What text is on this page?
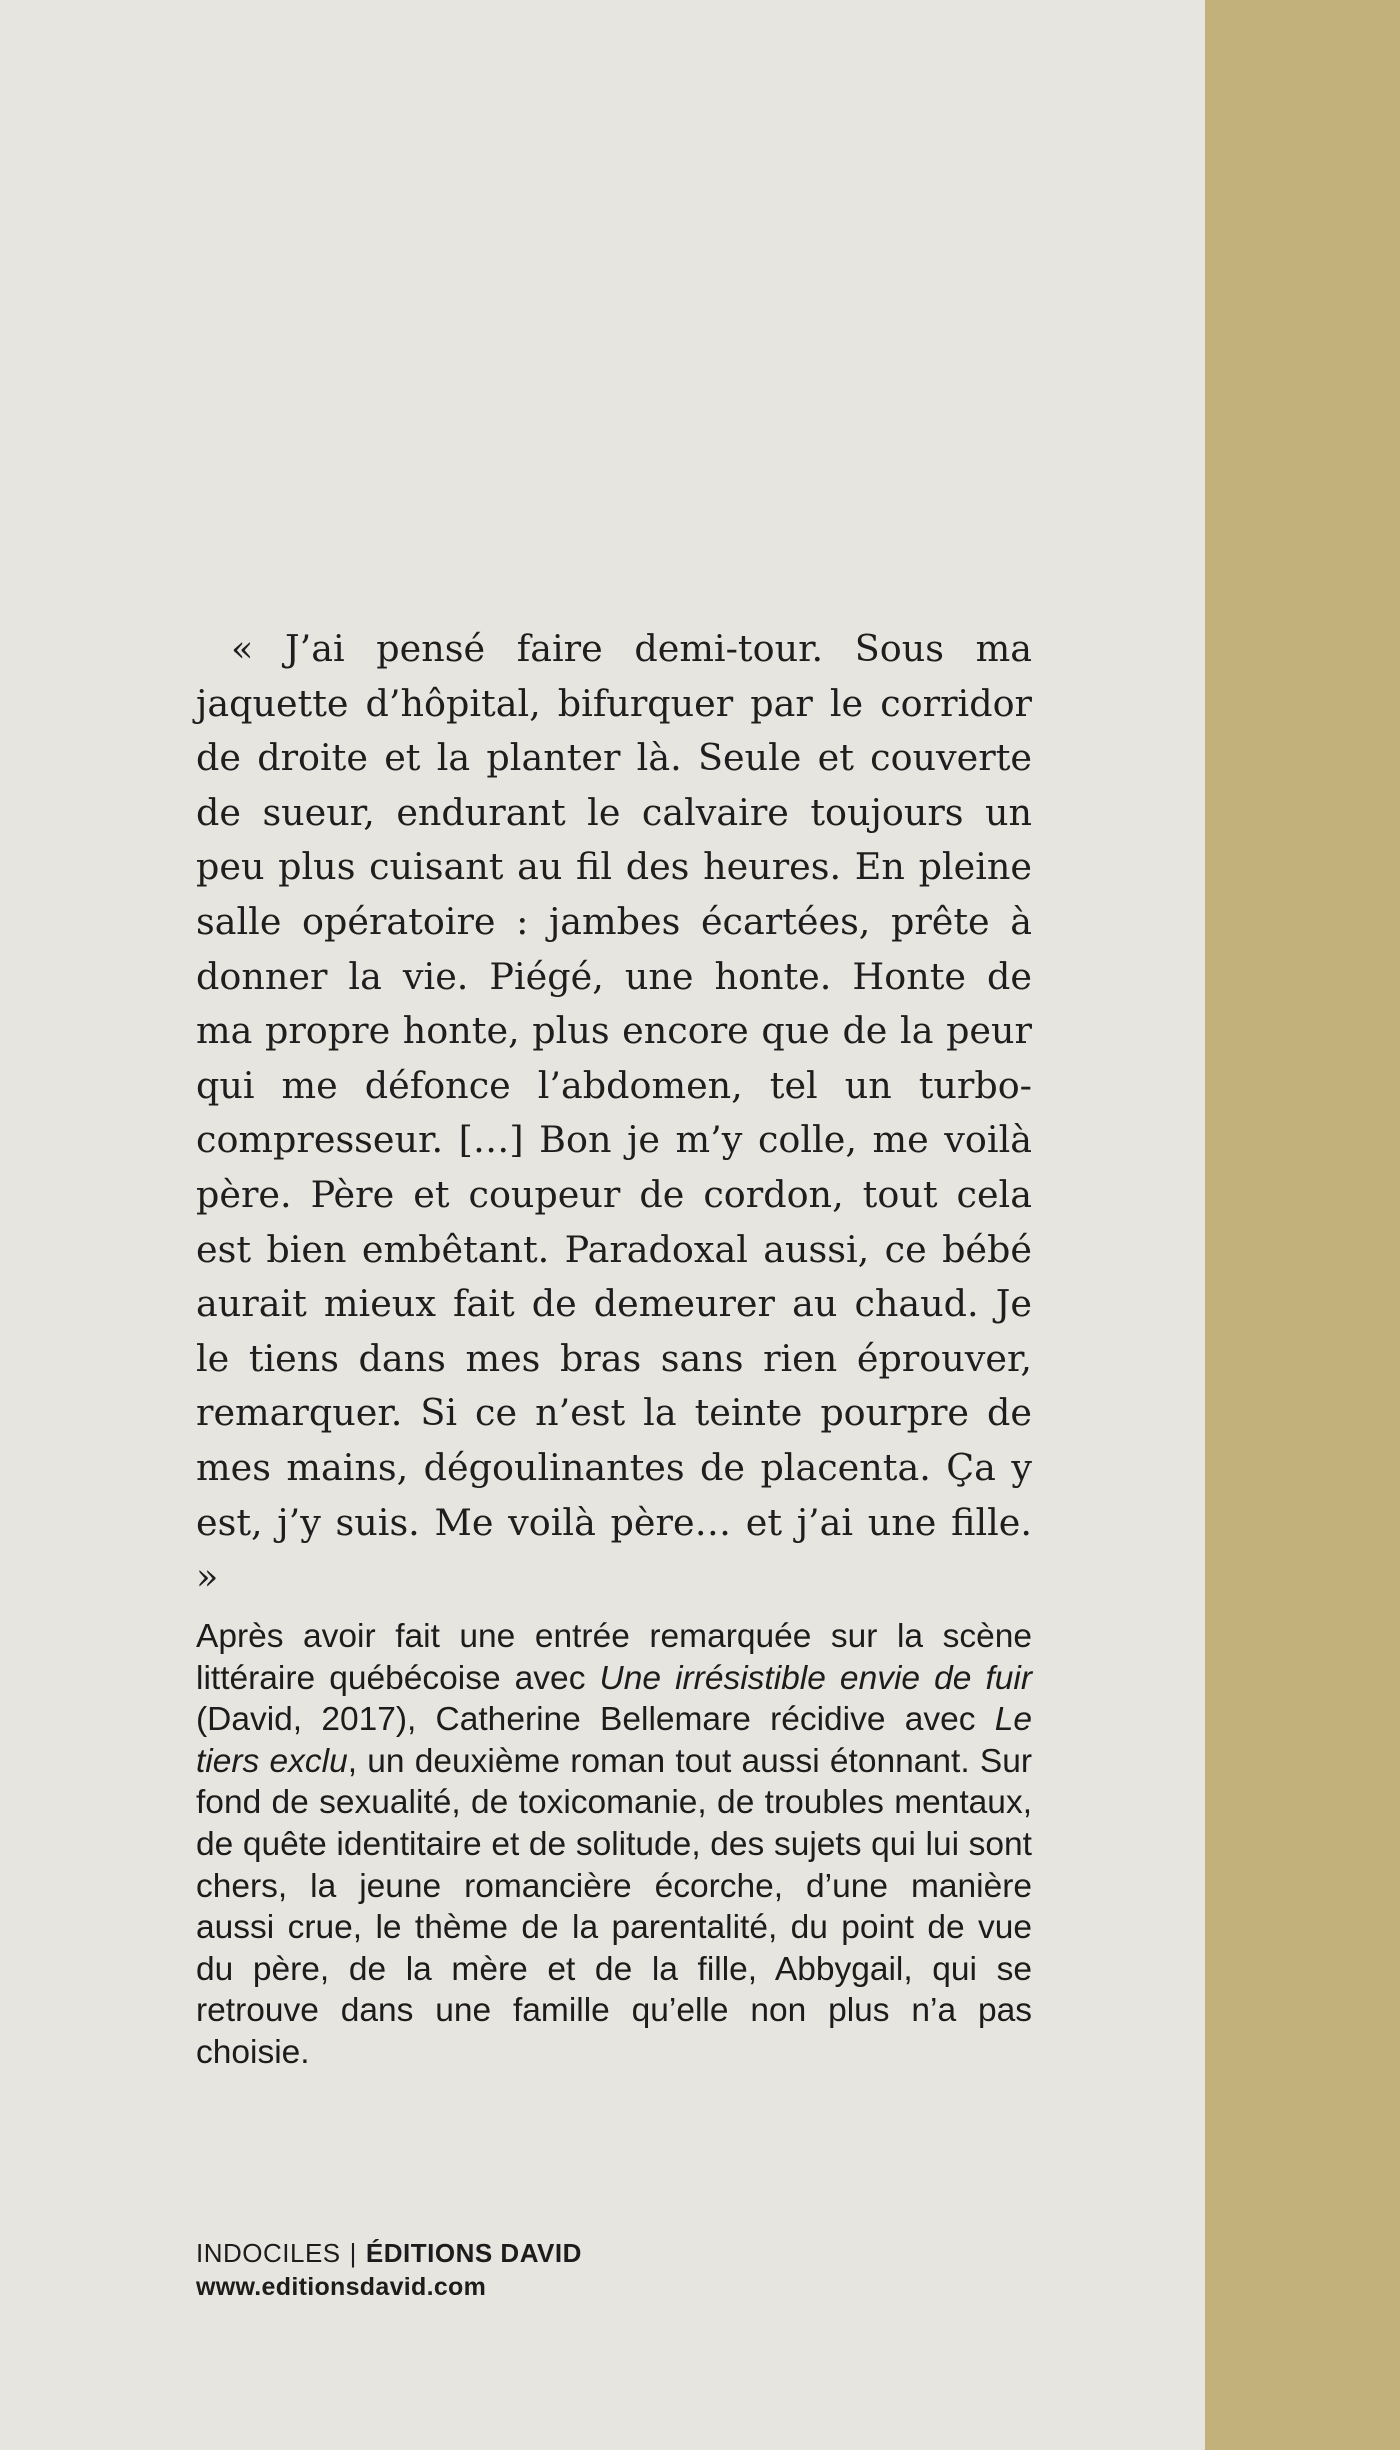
« J’ai pensé faire demi-tour. Sous ma jaquette d’hôpital, bifurquer par le corridor de droite et la planter là. Seule et couverte de sueur, endurant le calvaire toujours un peu plus cuisant au fil des heures. En pleine salle opératoire : jambes écartées, prête à donner la vie. Piégé, une honte. Honte de ma propre honte, plus encore que de la peur qui me défonce l’abdomen, tel un turbo-compresseur. […] Bon je m’y colle, me voilà père. Père et coupeur de cordon, tout cela est bien embêtant. Paradoxal aussi, ce bébé aurait mieux fait de demeurer au chaud. Je le tiens dans mes bras sans rien éprouver, remarquer. Si ce n’est la teinte pourpre de mes mains, dégoulinantes de placenta. Ça y est, j’y suis. Me voilà père… et j’ai une fille. »

Après avoir fait une entrée remarquée sur la scène littéraire québécoise avec Une irrésistible envie de fuir (David, 2017), Catherine Bellemare récidive avec Le tiers exclu, un deuxième roman tout aussi étonnant. Sur fond de sexualité, de toxicomanie, de troubles mentaux, de quête identitaire et de solitude, des sujets qui lui sont chers, la jeune romancière écorche, d’une manière aussi crue, le thème de la parentalité, du point de vue du père, de la mère et de la fille, Abbygail, qui se retrouve dans une famille qu’elle non plus n’a pas choisie.

INDOCILES | ÉDITIONS DAVID
www.editionsdavid.com
